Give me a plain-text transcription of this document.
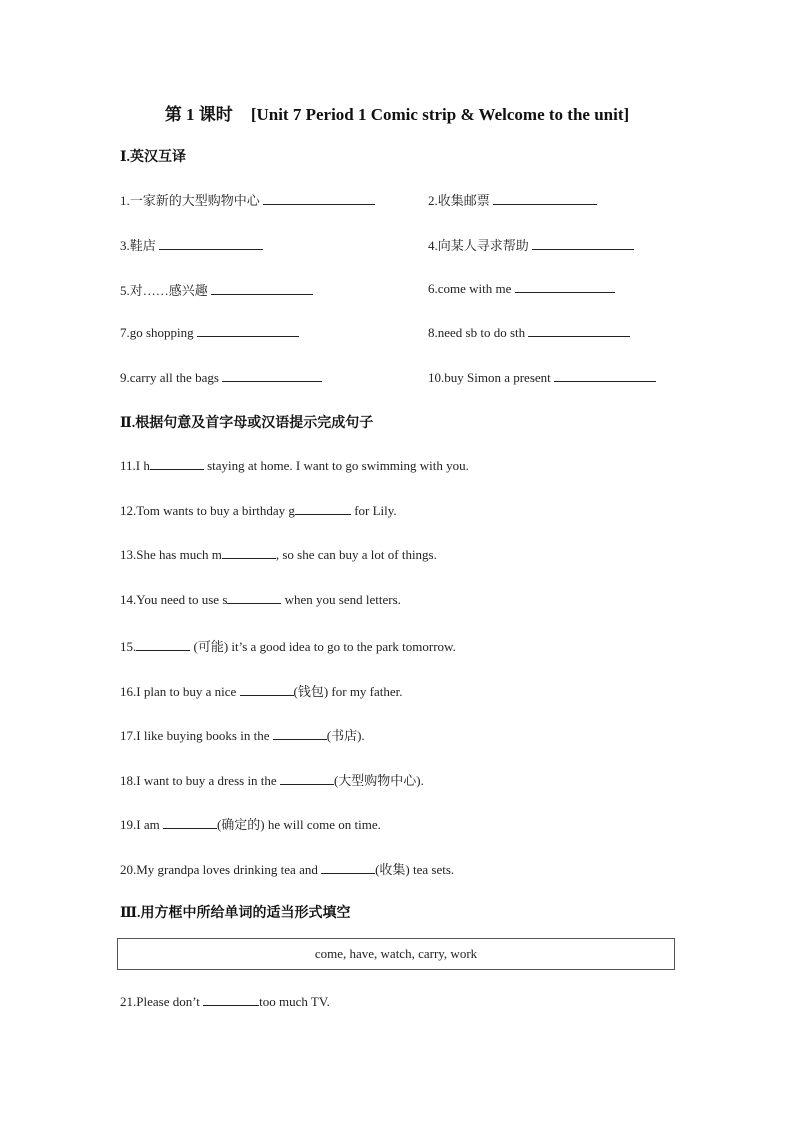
第 1 课时 [Unit 7 Period 1 Comic strip & Welcome to the unit]
Ⅰ.英汉互译
1.一家新的大型购物中心	2.收集邮票
3.鞋店	4.向某人寻求帮助
5.对……感兴趣	6.come with me
7.go shopping	8.need sb to do sth
9.carry all the bags	10.buy Simon a present
Ⅱ.根据句意及首字母或汉语提示完成句子
11.I h	staying at home. I want to go swimming with you.
12.Tom wants to buy a birthday g	for Lily.
13.She has much m	, so she can buy a lot of things.
14.You need to use s	when you send letters.
15.	(可能) it’s a good idea to go to the park tomorrow.
16.I plan to buy a nice	(钱包) for my father.
17.I like buying books in the	(书店).
18.I want to buy a dress in the	(大型购物中心).
19.I am	(确定的) he will come on time.
20.My grandpa loves drinking tea and	(收集) tea sets.
Ⅲ.用方框中所给单词的适当形式填空
come, have, watch, carry, work
21.Please don’t	too much TV.
